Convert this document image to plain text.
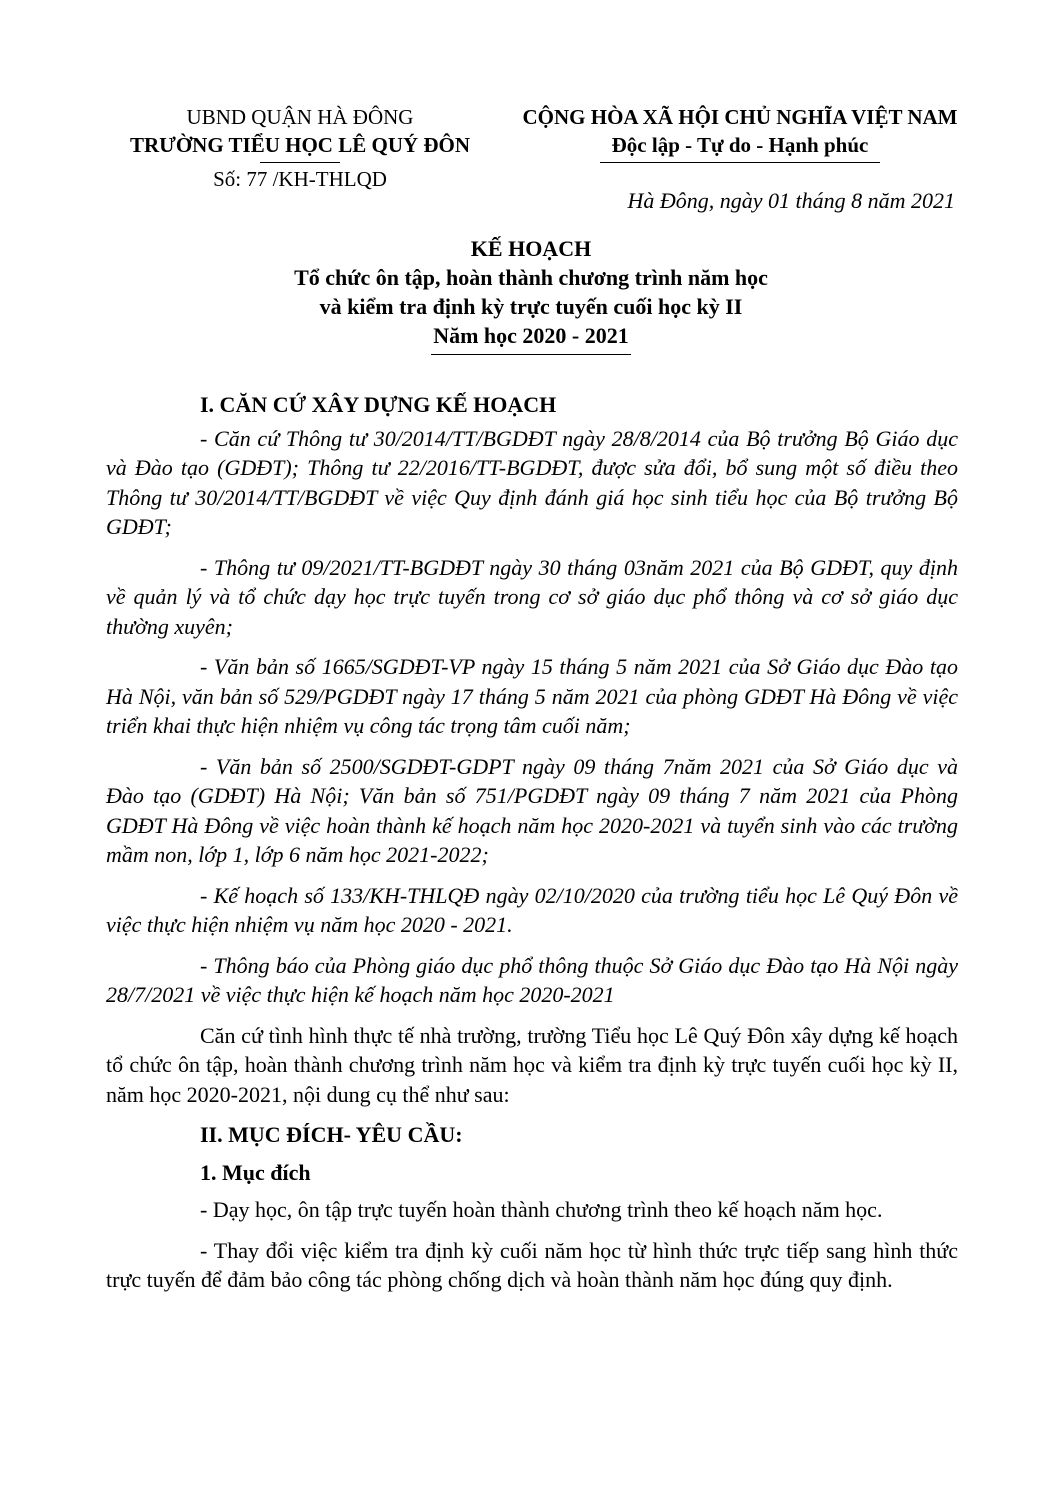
UBND QUẬN HÀ ĐÔNG
TRƯỜNG TIỂU HỌC LÊ QUÝ ĐÔN
Số: 77 /KH-THLQD
CỘNG HÒA XÃ HỘI CHỦ NGHĨA VIỆT NAM
Độc lập - Tự do - Hạnh phúc
Hà Đông, ngày 01 tháng 8 năm 2021
KẾ HOẠCH
Tổ chức ôn tập, hoàn thành chương trình năm học
và kiểm tra định kỳ trực tuyến cuối học kỳ II
Năm học 2020 - 2021
I. CĂN CỨ XÂY DỰNG KẾ HOẠCH

- Căn cứ Thông tư 30/2014/TT/BGDĐT ngày 28/8/2014 của Bộ trưởng Bộ Giáo dục và Đào tạo (GDĐT); Thông tư 22/2016/TT-BGDĐT, được sửa đổi, bổ sung một số điều theo Thông tư 30/2014/TT/BGDĐT về việc Quy định đánh giá học sinh tiểu học của Bộ trưởng Bộ GDĐT;

- Thông tư 09/2021/TT-BGDĐT ngày 30 tháng 03năm 2021 của Bộ GDĐT, quy định về quản lý và tổ chức dạy học trực tuyến trong cơ sở giáo dục phổ thông và cơ sở giáo dục thường xuyên;

- Văn bản số 1665/SGDĐT-VP ngày 15 tháng 5 năm 2021 của Sở Giáo dục Đào tạo Hà Nội, văn bản số 529/PGDĐT ngày 17 tháng 5 năm 2021 của phòng GDĐT Hà Đông về việc triển khai thực hiện nhiệm vụ công tác trọng tâm cuối năm;

- Văn bản số 2500/SGDĐT-GDPT ngày 09 tháng 7năm 2021 của Sở Giáo dục và Đào tạo (GDĐT) Hà Nội; Văn bản số 751/PGDĐT ngày 09 tháng 7 năm 2021 của Phòng GDĐT Hà Đông về việc hoàn thành kế hoạch năm học 2020-2021 và tuyển sinh vào các trường mầm non, lớp 1, lớp 6 năm học 2021-2022;

- Kế hoạch số 133/KH-THLQĐ ngày 02/10/2020 của trường tiểu học Lê Quý Đôn về việc thực hiện nhiệm vụ năm học 2020 - 2021.

- Thông báo của Phòng giáo dục phổ thông thuộc Sở Giáo dục Đào tạo Hà Nội ngày 28/7/2021 về việc thực hiện kế hoạch năm học 2020-2021

Căn cứ tình hình thực tế nhà trường, trường Tiểu học Lê Quý Đôn xây dựng kế hoạch tổ chức ôn tập, hoàn thành chương trình năm học và kiểm tra định kỳ trực tuyến cuối học kỳ II, năm học 2020-2021, nội dung cụ thể như sau:

II. MỤC ĐÍCH- YÊU CẦU:
1. Mục đích

- Dạy học, ôn tập trực tuyến hoàn thành chương trình theo kế hoạch năm học.

- Thay đổi việc kiểm tra định kỳ cuối năm học từ hình thức trực tiếp sang hình thức trực tuyến để đảm bảo công tác phòng chống dịch và hoàn thành năm học đúng quy định.
